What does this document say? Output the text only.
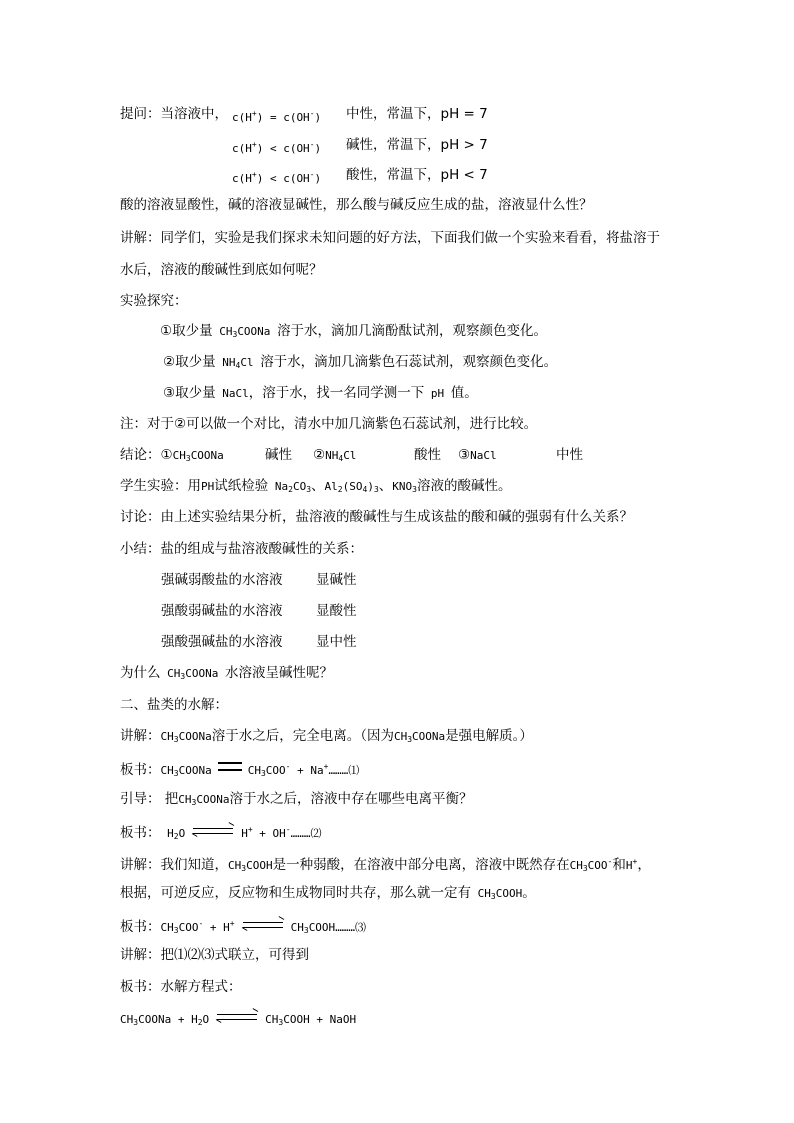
提问：当溶液中， c(H+) = c(OH-) 中性，常温下，pH = 7
c(H+) < c(OH-) 碱性，常温下，pH > 7
c(H+) < c(OH-) 酸性，常温下，pH < 7
酸的溶液显酸性，碱的溶液显碱性，那么酸与碱反应生成的盐，溶液显什么性？
讲解：同学们，实验是我们探求未知问题的好方法，下面我们做一个实验来看看，将盐溶于
水后，溶液的酸碱性到底如何呢？
实验探究：
①取少量 $CH_3COONa$ 溶于水，滴加几滴酚酞试剂，观察颜色变化。
②取少量 $NH_4Cl$ 溶于水，滴加几滴紫色石蕊试剂，观察颜色变化。
③取少量 NaCl，溶于水，找一名同学测一下 pH 值。
注：对于②可以做一个对比，清水中加几滴紫色石蕊试剂，进行比较。
结论：$①CH_3COONa$	碱性 $②NH_4Cl$	酸性 ③NaCl	中性
学生实验：用PH试纸检验 $Na_2CO_3$、$Al_2(SO_4)_3$、$KNO_3$溶液的酸碱性。
讨论：由上述实验结果分析，盐溶液的酸碱性与生成该盐的酸和碱的强弱有什么关系？
小结：盐的组成与盐溶液酸碱性的关系：
强碱弱酸盐的水溶液 显碱性
强酸弱碱盐的水溶液 显酸性
强酸强碱盐的水溶液 显中性
为什么 $CH_3COONa$ 水溶液呈碱性呢？
二、盐类的水解：
讲解：$CH_3COONa$溶于水之后，完全电离。（因为$CH_3COONa$是强电解质。）
板书：$CH_3COONa$	$CH_3COO^-$ + Na+………⑴
引导： 把$CH_3COONa$溶于水之后，溶液中存在哪些电离平衡？
板书： $H_2O$	H+ + OH-………⑵
讲解：我们知道，$CH_3COOH$是一种弱酸，在溶液中部分电离，溶液中既然存在$CH_3COO^-$和H+，
根据，可逆反应，反应物和生成物同时共存，那么就一定有 $CH_3COOH$。
板书：$CH_3COO^- + H^+$	$CH_3COOH\dots\dots\dots ⑶$
讲解：把⑴⑵⑶式联立，可得到
板书：水解方程式：
$CH_3COONa + H_2O$	$CH_3COOH$ + NaOH
